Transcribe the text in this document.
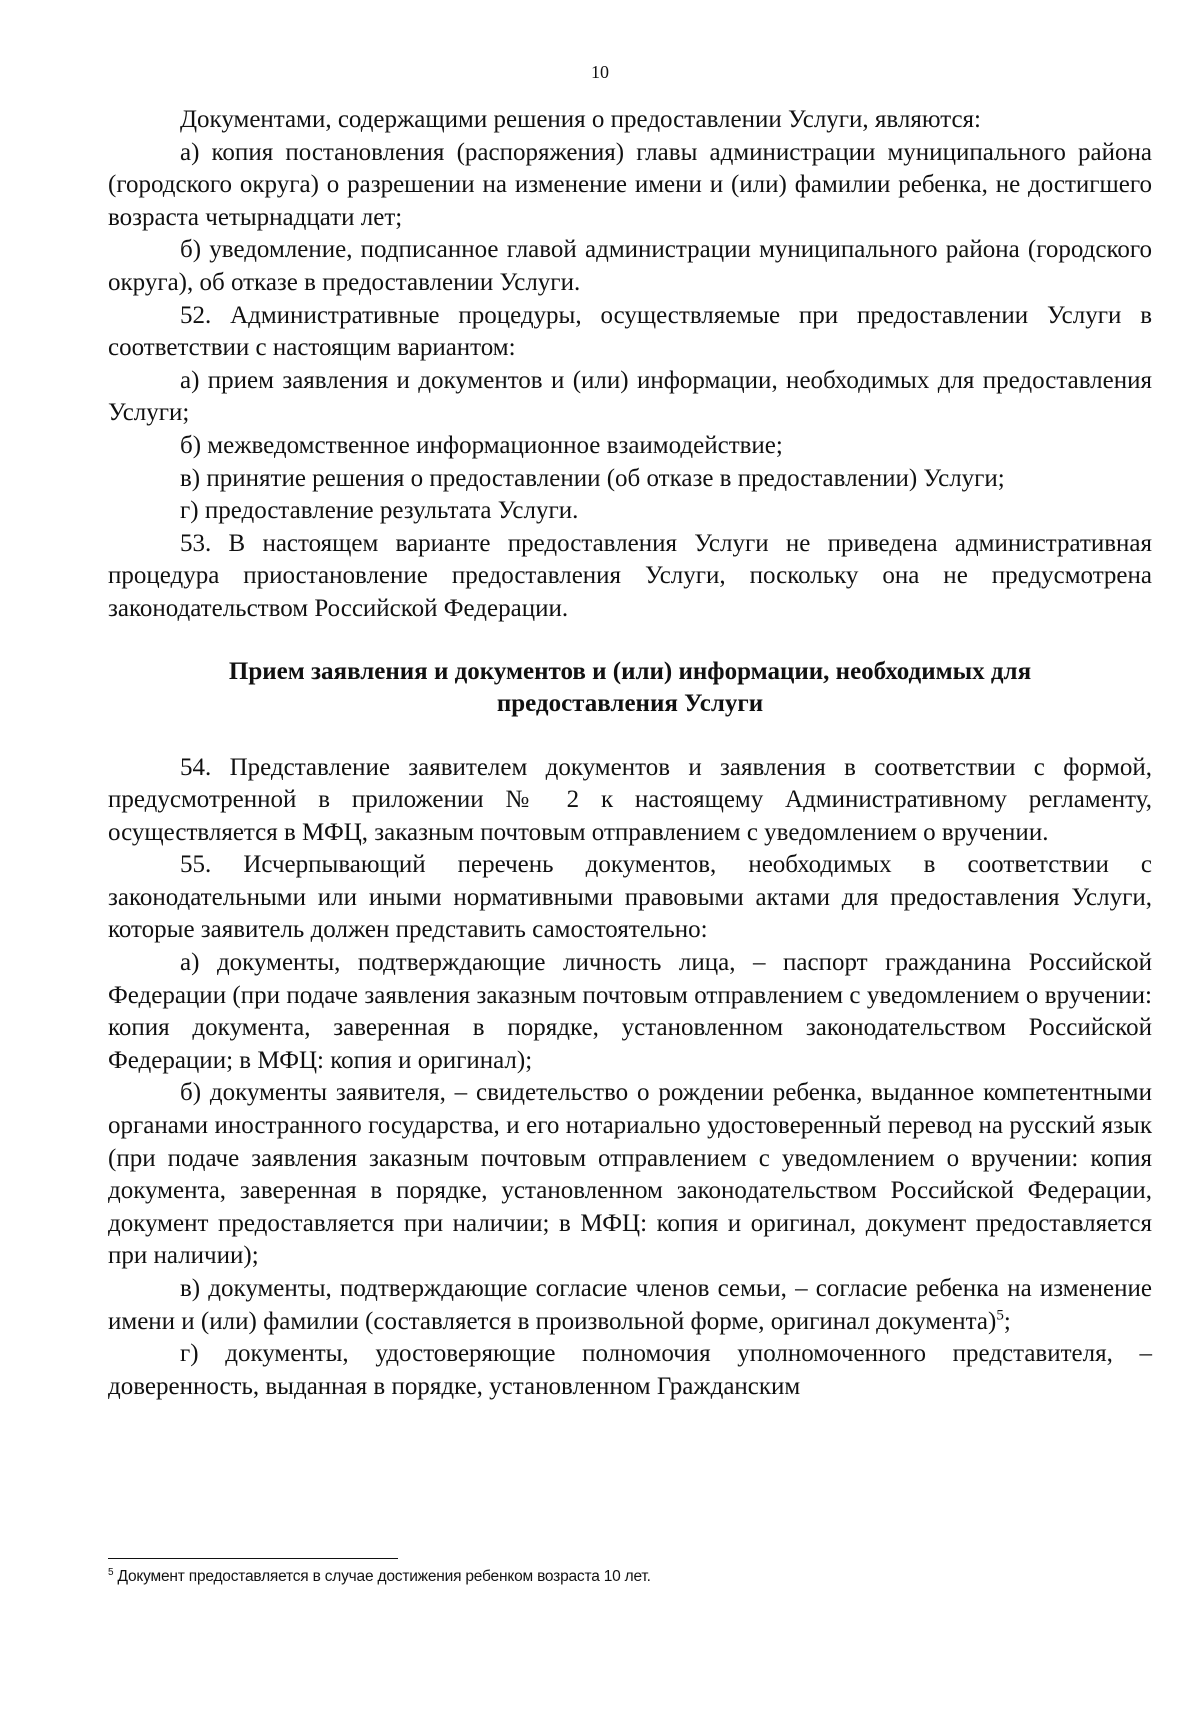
10

Документами, содержащими решения о предоставлении Услуги, являются:

а) копия постановления (распоряжения) главы администрации муниципального района (городского округа) о разрешении на изменение имени и (или) фамилии ребенка, не достигшего возраста четырнадцати лет;

б) уведомление, подписанное главой администрации муниципального района (городского округа), об отказе в предоставлении Услуги.

52. Административные процедуры, осуществляемые при предоставлении Услуги в соответствии с настоящим вариантом:

а) прием заявления и документов и (или) информации, необходимых для предоставления Услуги;

б) межведомственное информационное взаимодействие;

в) принятие решения о предоставлении (об отказе в предоставлении) Услуги;

г) предоставление результата Услуги.

53. В настоящем варианте предоставления Услуги не приведена административная процедура приостановление предоставления Услуги, поскольку она не предусмотрена законодательством Российской Федерации.

Прием заявления и документов и (или) информации, необходимых для
предоставления Услуги

54. Представление заявителем документов и заявления в соответствии с формой, предусмотренной в приложении № 2 к настоящему Административному регламенту, осуществляется в МФЦ, заказным почтовым отправлением с уведомлением о вручении.

55. Исчерпывающий перечень документов, необходимых в соответствии с законодательными или иными нормативными правовыми актами для предоставления Услуги, которые заявитель должен представить самостоятельно:

а) документы, подтверждающие личность лица, – паспорт гражданина Российской Федерации (при подаче заявления заказным почтовым отправлением с уведомлением о вручении: копия документа, заверенная в порядке, установленном законодательством Российской Федерации; в МФЦ: копия и оригинал);

б) документы заявителя, – свидетельство о рождении ребенка, выданное компетентными органами иностранного государства, и его нотариально удостоверенный перевод на русский язык (при подаче заявления заказным почтовым отправлением с уведомлением о вручении: копия документа, заверенная в порядке, установленном законодательством Российской Федерации, документ предоставляется при наличии; в МФЦ: копия и оригинал, документ предоставляется при наличии);

в) документы, подтверждающие согласие членов семьи, – согласие ребенка на изменение имени и (или) фамилии (составляется в произвольной форме, оригинал документа)$^5$;

г) документы, удостоверяющие полномочия уполномоченного представителя, – доверенность, выданная в порядке, установленном Гражданским

$^5$ Документ предоставляется в случае достижения ребенком возраста 10 лет.
